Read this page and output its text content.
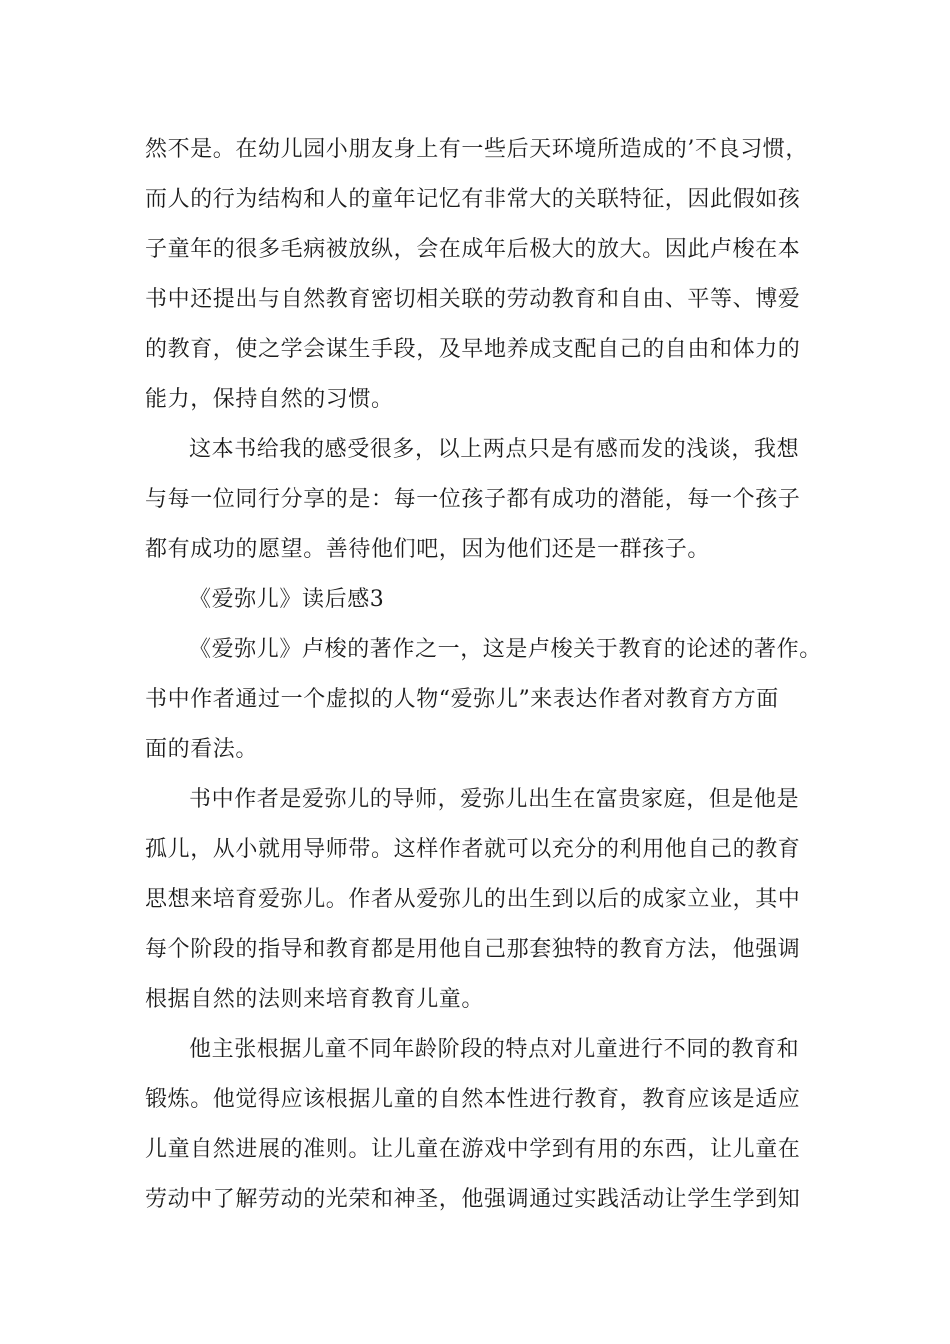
然不是。在幼儿园小朋友身上有一些后天环境所造成的’不良习惯，
而人的行为结构和人的童年记忆有非常大的关联特征，因此假如孩
子童年的很多毛病被放纵，会在成年后极大的放大。因此卢梭在本
书中还提出与自然教育密切相关联的劳动教育和自由、平等、博爱
的教育，使之学会谋生手段，及早地养成支配自己的自由和体力的
能力，保持自然的习惯。
这本书给我的感受很多，以上两点只是有感而发的浅谈，我想
与每一位同行分享的是：每一位孩子都有成功的潜能，每一个孩子
都有成功的愿望。善待他们吧，因为他们还是一群孩子。
《爱弥儿》读后感3
《爱弥儿》卢梭的著作之一，这是卢梭关于教育的论述的著作。
书中作者通过一个虚拟的人物“爱弥儿”来表达作者对教育方方面
面的看法。
书中作者是爱弥儿的导师，爱弥儿出生在富贵家庭，但是他是
孤儿，从小就用导师带。这样作者就可以充分的利用他自己的教育
思想来培育爱弥儿。作者从爱弥儿的出生到以后的成家立业，其中
每个阶段的指导和教育都是用他自己那套独特的教育方法，他强调
根据自然的法则来培育教育儿童。
他主张根据儿童不同年龄阶段的特点对儿童进行不同的教育和
锻炼。他觉得应该根据儿童的自然本性进行教育，教育应该是适应
儿童自然进展的准则。让儿童在游戏中学到有用的东西，让儿童在
劳动中了解劳动的光荣和神圣，他强调通过实践活动让学生学到知
